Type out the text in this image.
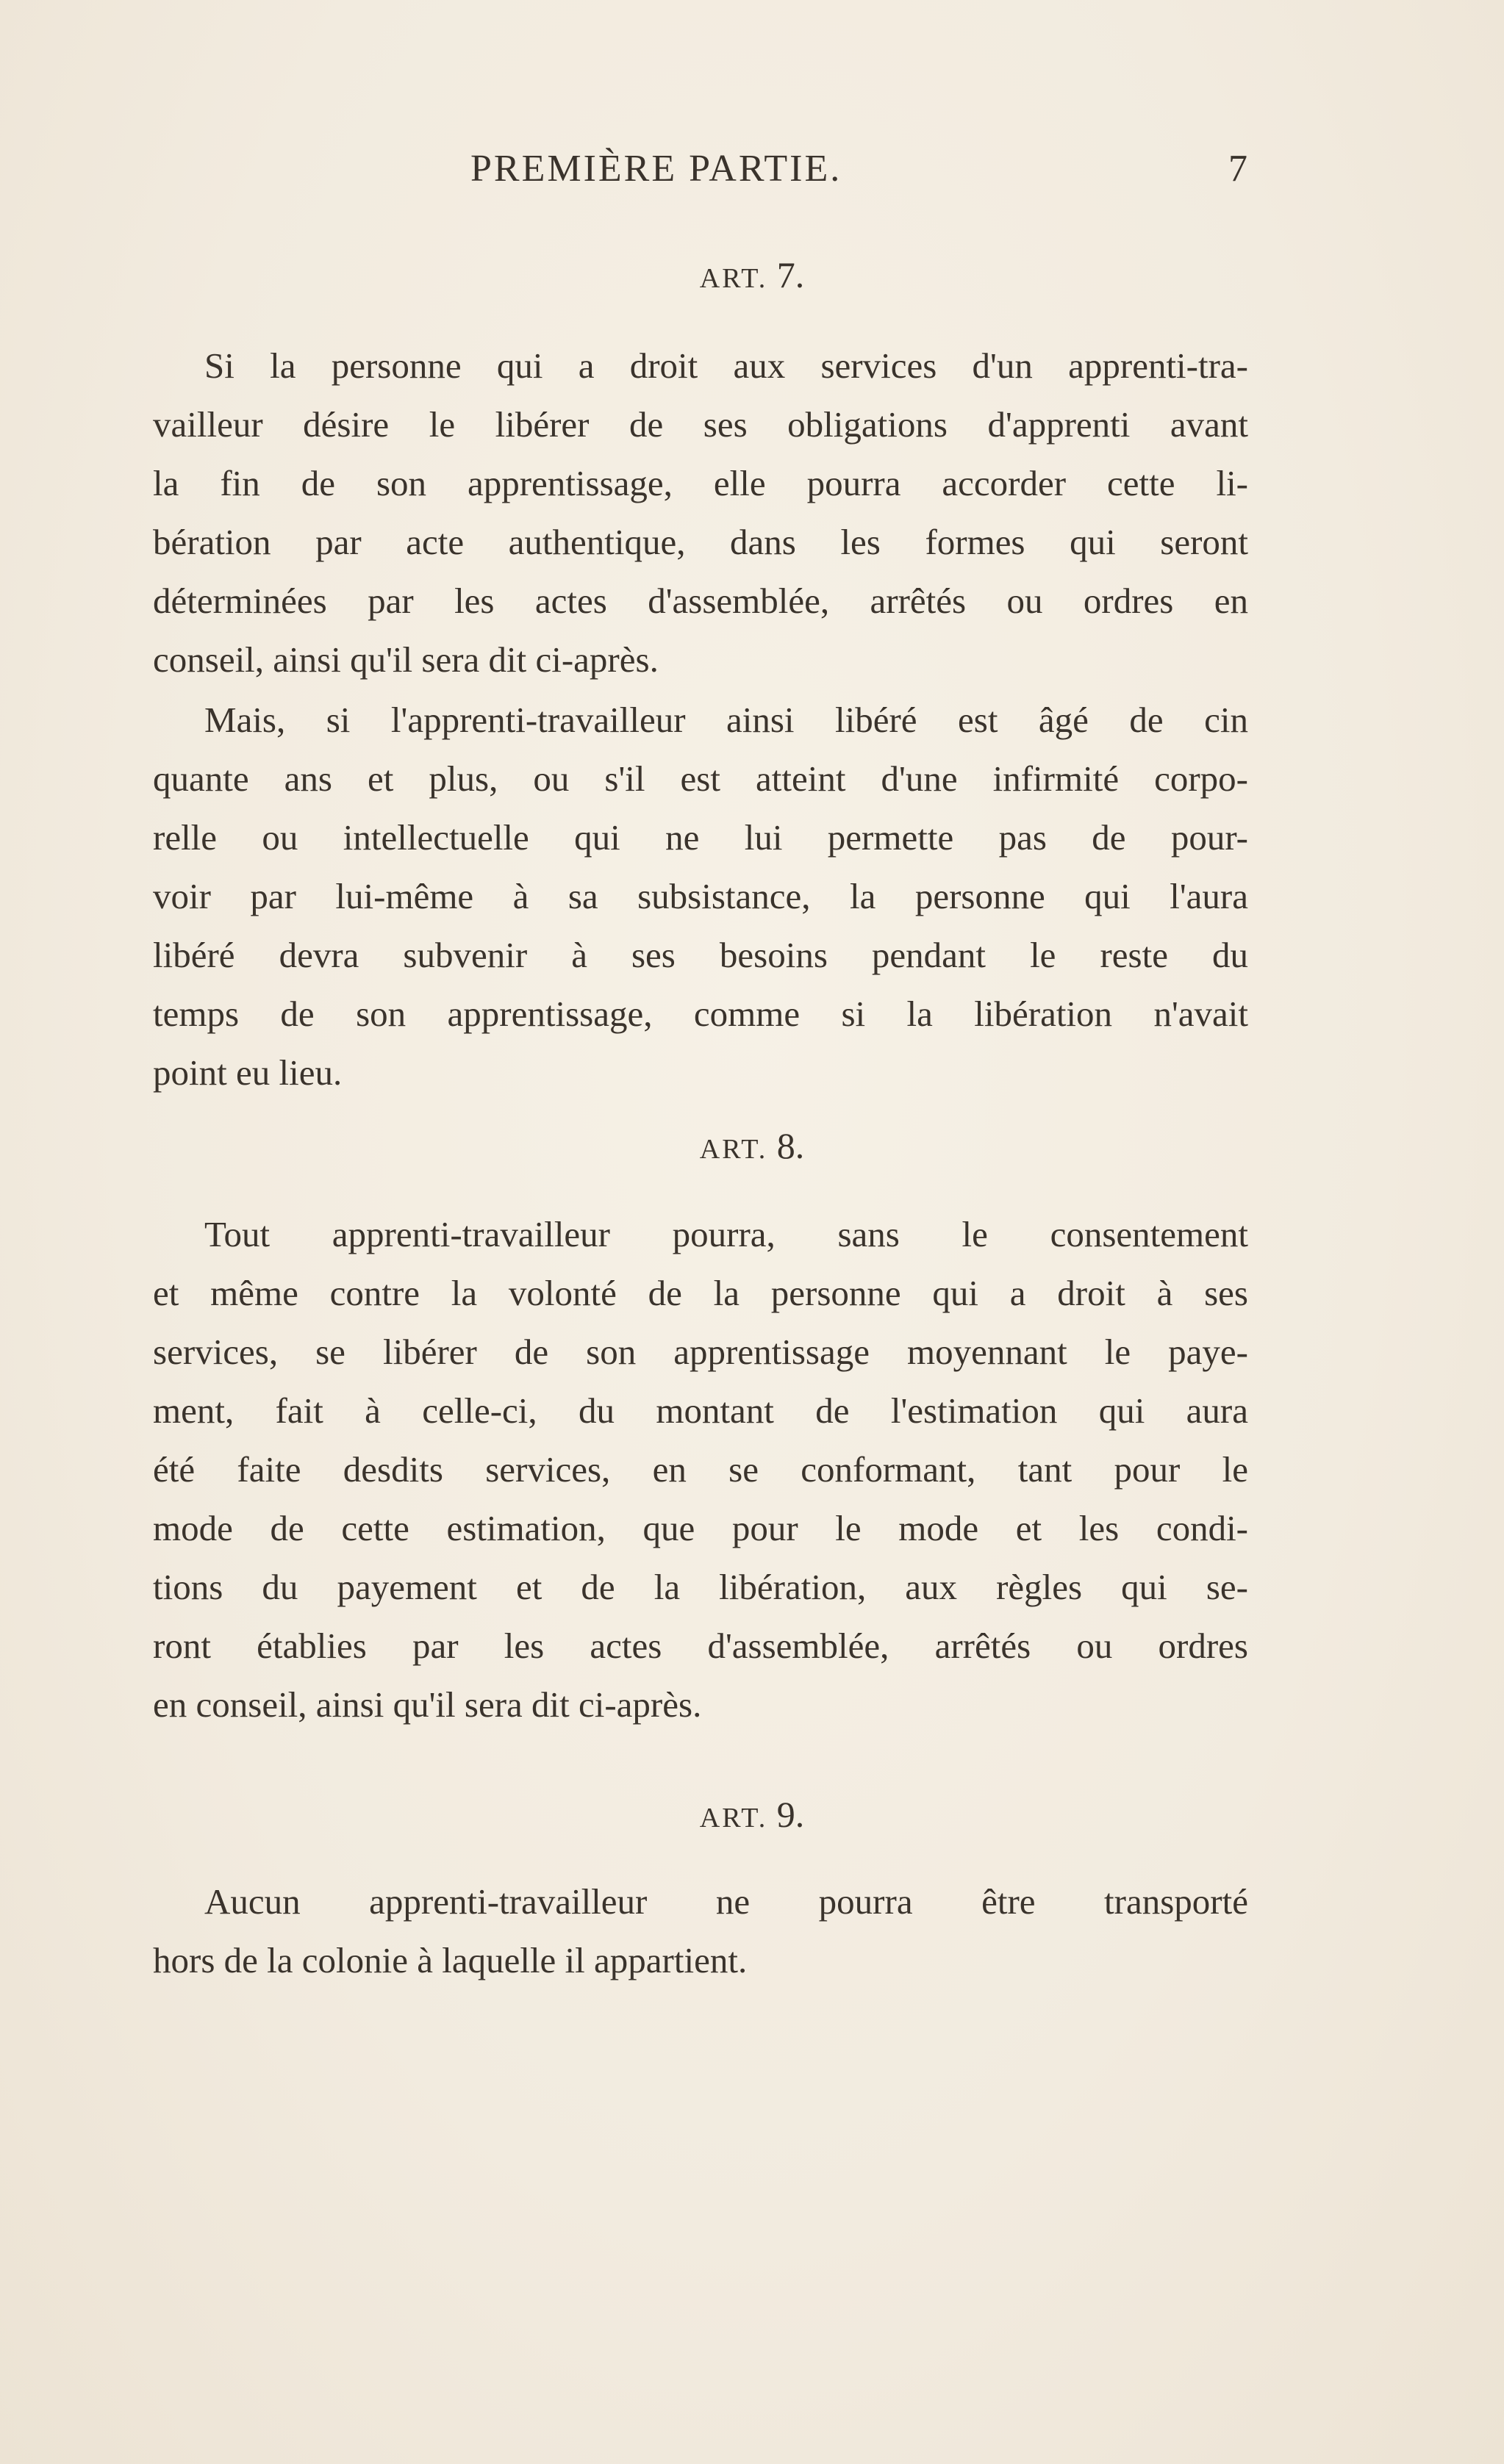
PREMIÈRE PARTIE.	7
ART. 7.
Si la personne qui a droit aux services d'un apprenti-tra-
vailleur désire le libérer de ses obligations d'apprenti avant
la fin de son apprentissage, elle pourra accorder cette li-
bération par acte authentique, dans les formes qui seront
déterminées par les actes d'assemblée, arrêtés ou ordres en
conseil, ainsi qu'il sera dit ci-après.
Mais, si l'apprenti-travailleur ainsi libéré est âgé de cin
quante ans et plus, ou s'il est atteint d'une infirmité corpo-
relle ou intellectuelle qui ne lui permette pas de pour-
voir par lui-même à sa subsistance, la personne qui l'aura
libéré devra subvenir à ses besoins pendant le reste du
temps de son apprentissage, comme si la libération n'avait
point eu lieu.
ART. 8.
Tout apprenti-travailleur pourra, sans le consentement
et même contre la volonté de la personne qui a droit à ses
services, se libérer de son apprentissage moyennant le paye-
ment, fait à celle-ci, du montant de l'estimation qui aura
été faite desdits services, en se conformant, tant pour le
mode de cette estimation, que pour le mode et les condi-
tions du payement et de la libération, aux règles qui se-
ront établies par les actes d'assemblée, arrêtés ou ordres
en conseil, ainsi qu'il sera dit ci-après.
ART. 9.
Aucun apprenti-travailleur ne pourra être transporté
hors de la colonie à laquelle il appartient.
